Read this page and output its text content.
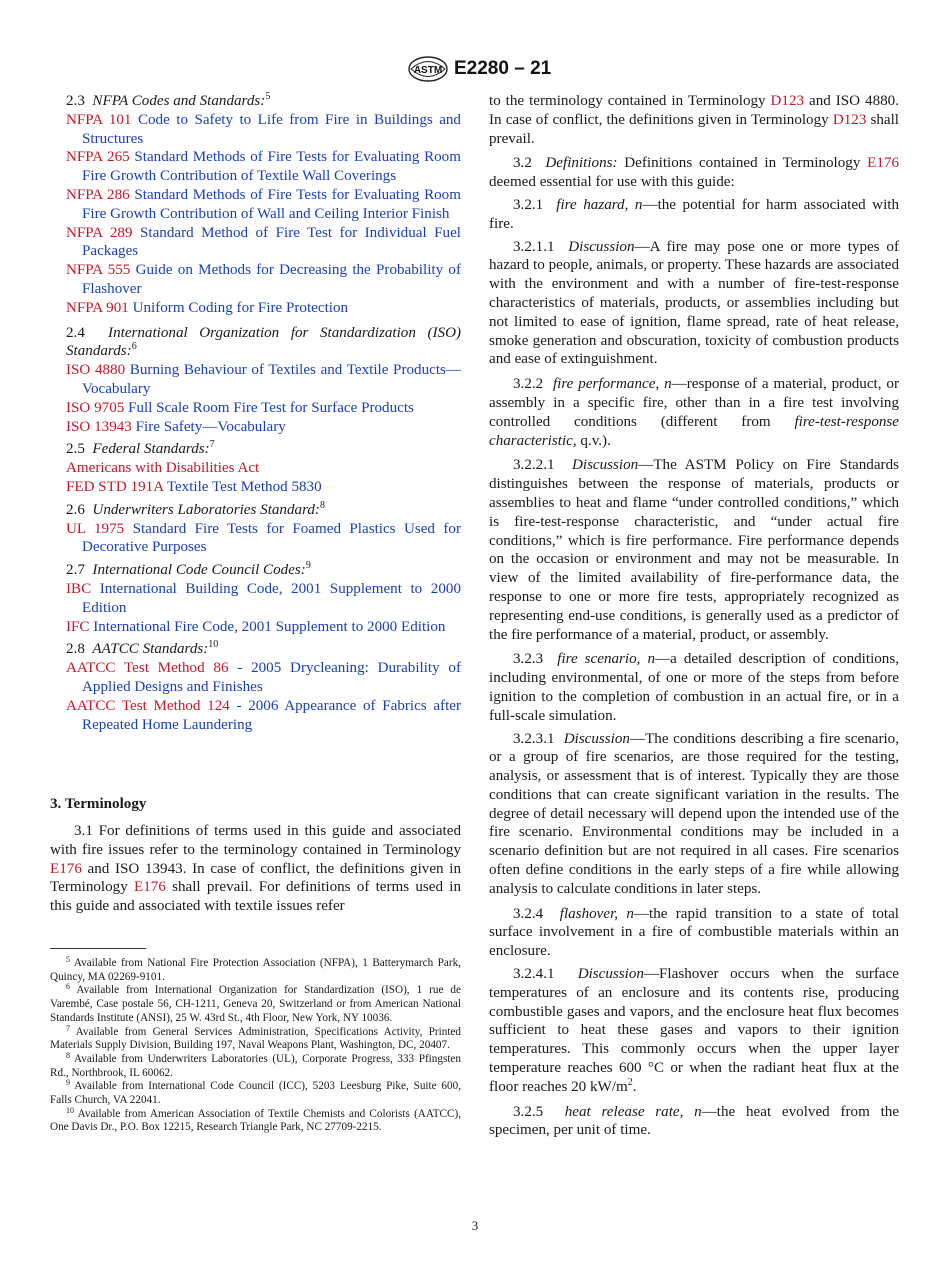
ASTM E2280 – 21

2.3 NFPA Codes and Standards:$^5$

NFPA 101 Code to Safety to Life from Fire in Buildings and Structures

NFPA 265 Standard Methods of Fire Tests for Evaluating Room Fire Growth Contribution of Textile Wall Coverings

NFPA 286 Standard Methods of Fire Tests for Evaluating Room Fire Growth Contribution of Wall and Ceiling Interior Finish

NFPA 289 Standard Method of Fire Test for Individual Fuel Packages

NFPA 555 Guide on Methods for Decreasing the Probability of Flashover

NFPA 901 Uniform Coding for Fire Protection

2.4 International Organization for Standardization (ISO) Standards:$^6$

ISO 4880 Burning Behaviour of Textiles and Textile Products—Vocabulary

ISO 9705 Full Scale Room Fire Test for Surface Products

ISO 13943 Fire Safety—Vocabulary

2.5 Federal Standards:$^7$

Americans with Disabilities Act

FED STD 191A Textile Test Method 5830

2.6 Underwriters Laboratories Standard:$^8$

UL 1975 Standard Fire Tests for Foamed Plastics Used for Decorative Purposes

2.7 International Code Council Codes:$^9$

IBC International Building Code, 2001 Supplement to 2000 Edition

IFC International Fire Code, 2001 Supplement to 2000 Edition

2.8 AATCC Standards:$^{10}$

AATCC Test Method 86 - 2005 Drycleaning: Durability of Applied Designs and Finishes

AATCC Test Method 124 - 2006 Appearance of Fabrics after Repeated Home Laundering

3. Terminology

3.1 For definitions of terms used in this guide and associated with fire issues refer to the terminology contained in Terminology E176 and ISO 13943. In case of conflict, the definitions given in Terminology E176 shall prevail. For definitions of terms used in this guide and associated with textile issues refer

$^5$ Available from National Fire Protection Association (NFPA), 1 Batterymarch Park, Quincy, MA 02269-9101.

$^6$ Available from International Organization for Standardization (ISO), 1 rue de Varembé, Case postale 56, CH-1211, Geneva 20, Switzerland or from American National Standards Institute (ANSI), 25 W. 43rd St., 4th Floor, New York, NY 10036.

$^7$ Available from General Services Administration, Specifications Activity, Printed Materials Supply Division, Building 197, Naval Weapons Plant, Washington, DC, 20407.

$^8$ Available from Underwriters Laboratories (UL), Corporate Progress, 333 Pfingsten Rd., Northbrook, IL 60062.

$^9$ Available from International Code Council (ICC), 5203 Leesburg Pike, Suite 600, Falls Church, VA 22041.

$^{10}$ Available from American Association of Textile Chemists and Colorists (AATCC), One Davis Dr., P.O. Box 12215, Research Triangle Park, NC 27709-2215.

to the terminology contained in Terminology D123 and ISO 4880. In case of conflict, the definitions given in Terminology D123 shall prevail.

3.2 Definitions: Definitions contained in Terminology E176 deemed essential for use with this guide:

3.2.1 fire hazard, n—the potential for harm associated with fire.

3.2.1.1 Discussion—A fire may pose one or more types of hazard to people, animals, or property. These hazards are associated with the environment and with a number of fire-test-response characteristics of materials, products, or assemblies including but not limited to ease of ignition, flame spread, rate of heat release, smoke generation and obscuration, toxicity of combustion products and ease of extinguishment.

3.2.2 fire performance, n—response of a material, product, or assembly in a specific fire, other than in a fire test involving controlled conditions (different from fire-test-response characteristic, q.v.).

3.2.2.1 Discussion—The ASTM Policy on Fire Standards distinguishes between the response of materials, products or assemblies to heat and flame “under controlled conditions,” which is fire-test-response characteristic, and “under actual fire conditions,” which is fire performance. Fire performance depends on the occasion or environment and may not be measurable. In view of the limited availability of fire-performance data, the response to one or more fire tests, appropriately recognized as representing end-use conditions, is generally used as a predictor of the fire performance of a material, product, or assembly.

3.2.3 fire scenario, n—a detailed description of conditions, including environmental, of one or more of the steps from before ignition to the completion of combustion in an actual fire, or in a full-scale simulation.

3.2.3.1 Discussion—The conditions describing a fire scenario, or a group of fire scenarios, are those required for the testing, analysis, or assessment that is of interest. Typically they are those conditions that can create significant variation in the results. The degree of detail necessary will depend upon the intended use of the fire scenario. Environmental conditions may be included in a scenario definition but are not required in all cases. Fire scenarios often define conditions in the early steps of a fire while allowing analysis to calculate conditions in later steps.

3.2.4 flashover, n—the rapid transition to a state of total surface involvement in a fire of combustible materials within an enclosure.

3.2.4.1 Discussion—Flashover occurs when the surface temperatures of an enclosure and its contents rise, producing combustible gases and vapors, and the enclosure heat flux becomes sufficient to heat these gases and vapors to their ignition temperatures. This commonly occurs when the upper layer temperature reaches 600 °C or when the radiant heat flux at the floor reaches 20 $kW/m^2$.

3.2.5 heat release rate, n—the heat evolved from the specimen, per unit of time.

3
